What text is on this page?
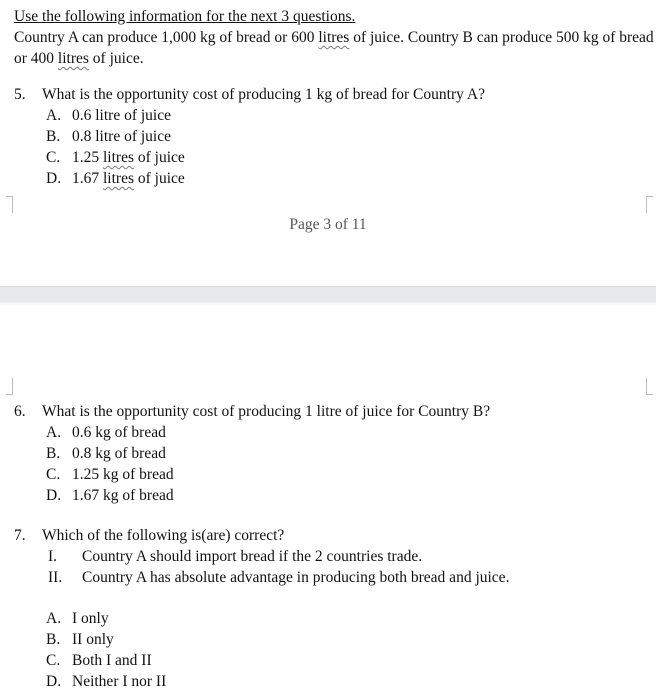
Use the following information for the next 3 questions.
Country A can produce 1,000 kg of bread or 600 litres of juice. Country B can produce 500 kg of bread or 400 litres of juice.
5. What is the opportunity cost of producing 1 kg of bread for Country A?
A. 0.6 litre of juice
B. 0.8 litre of juice
C. 1.25 litres of juice
D. 1.67 litres of juice
Page 3 of 11
6. What is the opportunity cost of producing 1 litre of juice for Country B?
A. 0.6 kg of bread
B. 0.8 kg of bread
C. 1.25 kg of bread
D. 1.67 kg of bread
7. Which of the following is(are) correct?
I. Country A should import bread if the 2 countries trade.
II. Country A has absolute advantage in producing both bread and juice.
A. I only
B. II only
C. Both I and II
D. Neither I nor II
